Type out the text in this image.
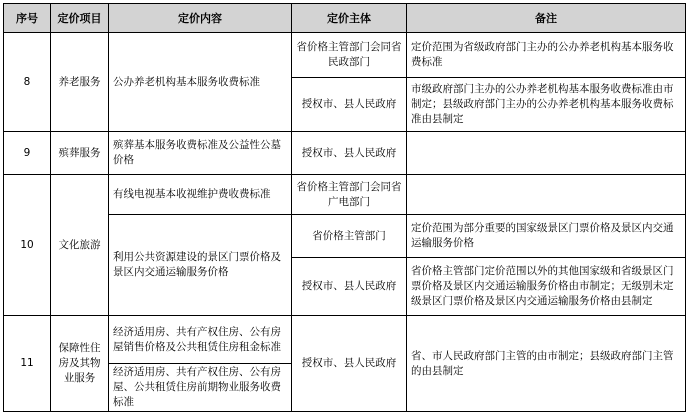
序号	定价项目	定价内容	定价主体	备注
8	养老服务	公办养老机构基本服务收费标准	省价格主管部门会同省民政部门	定价范围为省级政府部门主办的公办养老机构基本服务收费标准
			授权市、县人民政府	市级政府部门主办的公办养老机构基本服务收费标准由市制定；县级政府部门主办的公办养老机构基本服务收费标准由县制定
9	殡葬服务	殡葬基本服务收费标准及公益性公墓价格	授权市、县人民政府	
10	文化旅游	有线电视基本收视维护费收费标准	省价格主管部门会同省广电部门	
		利用公共资源建设的景区门票价格及景区内交通运输服务价格	省价格主管部门	定价范围为部分重要的国家级景区门票价格及景区内交通运输服务价格
			授权市、县人民政府	省价格主管部门定价范围以外的其他国家级和省级景区门票价格及景区内交通运输服务价格由市制定；无级别未定级景区门票价格及景区内交通运输服务价格由县制定
11	保障性住房及其物业服务	经济适用房、共有产权住房、公有房屋销售价格及公共租赁住房租金标准	授权市、县人民政府	省、市人民政府部门主管的由市制定；县级政府部门主管的由县制定
		经济适用房、共有产权住房、公有房屋、公共租赁住房前期物业服务收费标准		
